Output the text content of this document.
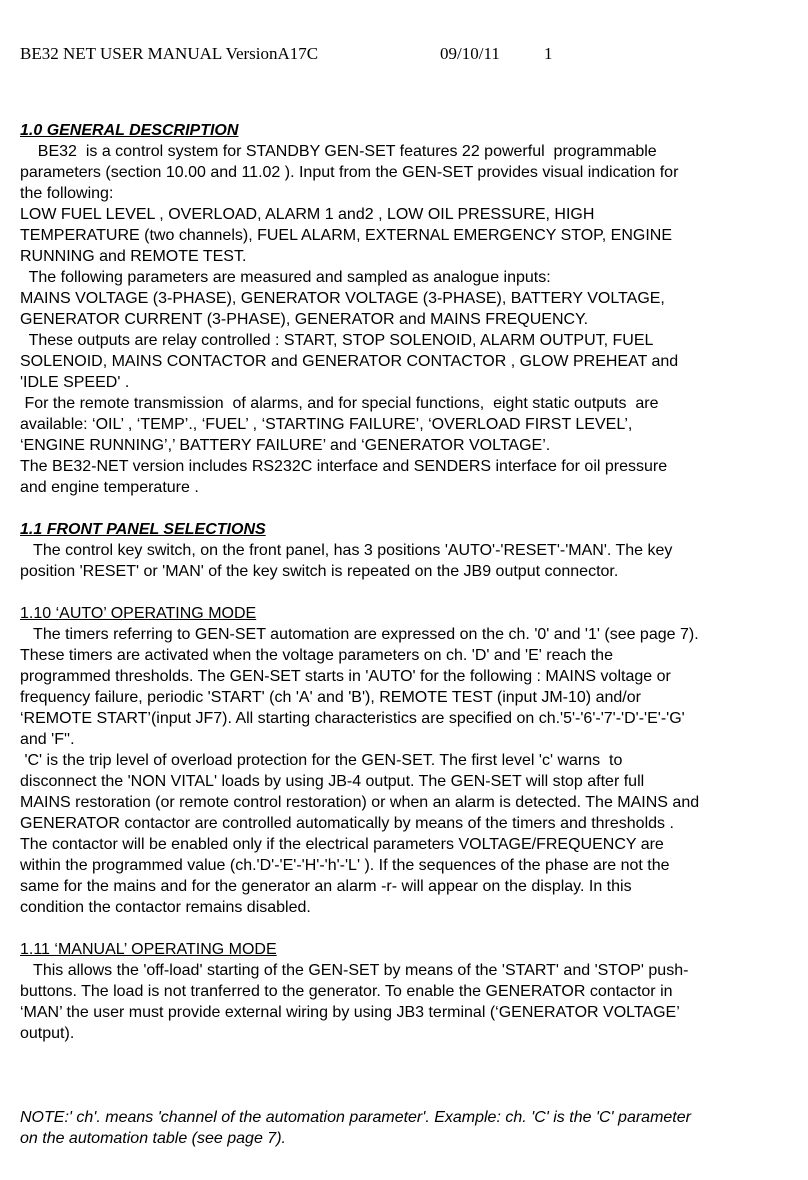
BE32 NET USER MANUAL VersionA17C	09/10/11	1
1.0 GENERAL DESCRIPTION
BE32  is a control system for STANDBY GEN-SET features 22 powerful  programmable
parameters (section 10.00 and 11.02 ). Input from the GEN-SET provides visual indication for
the following:
LOW FUEL LEVEL , OVERLOAD, ALARM 1 and2 , LOW OIL PRESSURE, HIGH
TEMPERATURE (two channels), FUEL ALARM, EXTERNAL EMERGENCY STOP, ENGINE
RUNNING and REMOTE TEST.
The following parameters are measured and sampled as analogue inputs:
MAINS VOLTAGE (3-PHASE), GENERATOR VOLTAGE (3-PHASE), BATTERY VOLTAGE,
GENERATOR CURRENT (3-PHASE), GENERATOR and MAINS FREQUENCY.
These outputs are relay controlled : START, STOP SOLENOID, ALARM OUTPUT, FUEL
SOLENOID, MAINS CONTACTOR and GENERATOR CONTACTOR , GLOW PREHEAT and
'IDLE SPEED' .
For the remote transmission  of alarms, and for special functions,  eight static outputs  are
available: ‘OIL’ , ‘TEMP’., ‘FUEL’ , ‘STARTING FAILURE’, ‘OVERLOAD FIRST LEVEL’,
‘ENGINE RUNNING’,’ BATTERY FAILURE’ and ‘GENERATOR VOLTAGE’.
The BE32-NET version includes RS232C interface and SENDERS interface for oil pressure
and engine temperature .
1.1 FRONT PANEL SELECTIONS
The control key switch, on the front panel, has 3 positions 'AUTO'-'RESET'-'MAN'. The key
position 'RESET' or 'MAN' of the key switch is repeated on the JB9 output connector.
1.10 ‘AUTO’ OPERATING MODE
The timers referring to GEN-SET automation are expressed on the ch. '0' and '1' (see page 7).
These timers are activated when the voltage parameters on ch. 'D' and 'E' reach the
programmed thresholds. The GEN-SET starts in 'AUTO' for the following : MAINS voltage or
frequency failure, periodic 'START' (ch 'A' and 'B'), REMOTE TEST (input JM-10) and/or
‘REMOTE START’(input JF7). All starting characteristics are specified on ch.'5'-'6'-'7'-'D'-'E'-'G'
and 'F''.
'C' is the trip level of overload protection for the GEN-SET. The first level 'c' warns  to
disconnect the 'NON VITAL' loads by using JB-4 output. The GEN-SET will stop after full
MAINS restoration (or remote control restoration) or when an alarm is detected. The MAINS and
GENERATOR contactor are controlled automatically by means of the timers and thresholds .
The contactor will be enabled only if the electrical parameters VOLTAGE/FREQUENCY are
within the programmed value (ch.'D'-'E'-'H'-'h'-'L' ). If the sequences of the phase are not the
same for the mains and for the generator an alarm -r- will appear on the display. In this
condition the contactor remains disabled.
1.11 ‘MANUAL’ OPERATING MODE
This allows the 'off-load' starting of the GEN-SET by means of the 'START' and 'STOP' push-
buttons. The load is not tranferred to the generator. To enable the GENERATOR contactor in
‘MAN’ the user must provide external wiring by using JB3 terminal (‘GENERATOR VOLTAGE’
output).
NOTE:' ch'. means 'channel of the automation parameter'. Example: ch. 'C' is the 'C' parameter
on the automation table (see page 7).
